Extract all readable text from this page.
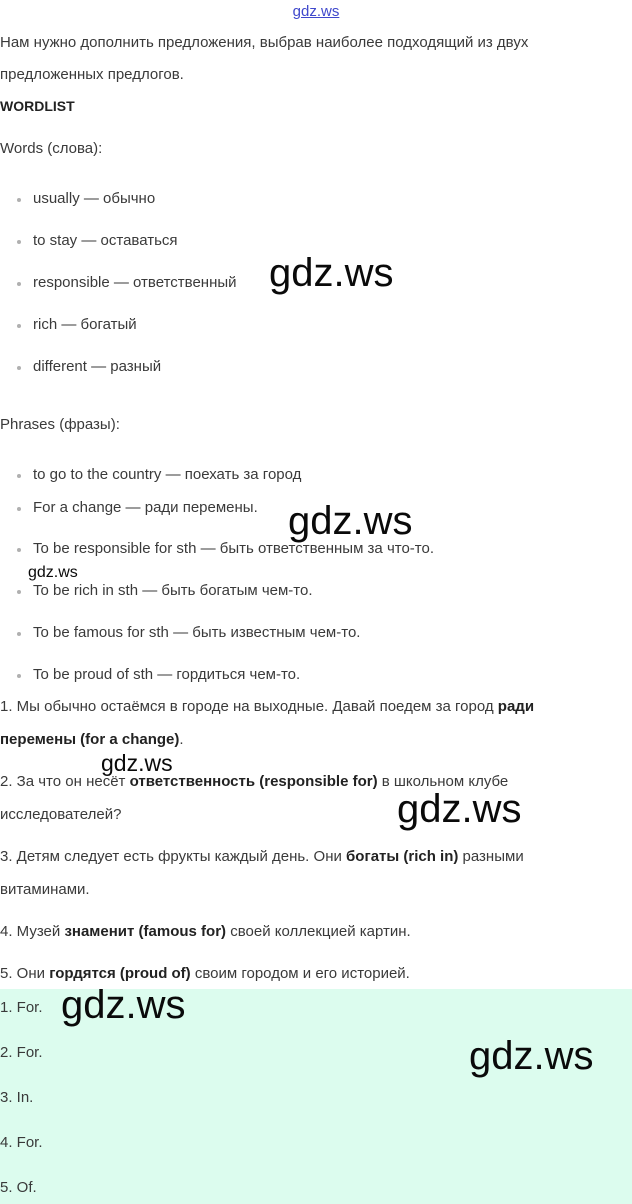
gdz.ws
Нам нужно дополнить предложения, выбрав наиболее подходящий из двух
предложенных предлогов.
WORDLIST
Words (слова):
usually — обычно
to stay — оставаться
responsible — ответственный
rich — богатый
different — разный
Phrases (фразы):
to go to the country — поехать за город
For a change — ради перемены.
To be responsible for sth — быть ответственным за что-то.
To be rich in sth — быть богатым чем-то.
To be famous for sth — быть известным чем-то.
To be proud of sth — гордиться чем-то.
1. Мы обычно остаёмся в городе на выходные. Давай поедем за город ради
перемены (for a change).
2. За что он несёт ответственность (responsible for) в школьном клубе
исследователей?
3. Детям следует есть фрукты каждый день. Они богаты (rich in) разными
витаминами.
4. Музей знаменит (famous for) своей коллекцией картин.
5. Они гордятся (proud of) своим городом и его историей.
1. For.
2. For.
3. In.
4. For.
5. Of.
gdz.ws
gdz.ws
gdz.ws
gdz.ws
gdz.ws
gdz.ws
gdz.ws
